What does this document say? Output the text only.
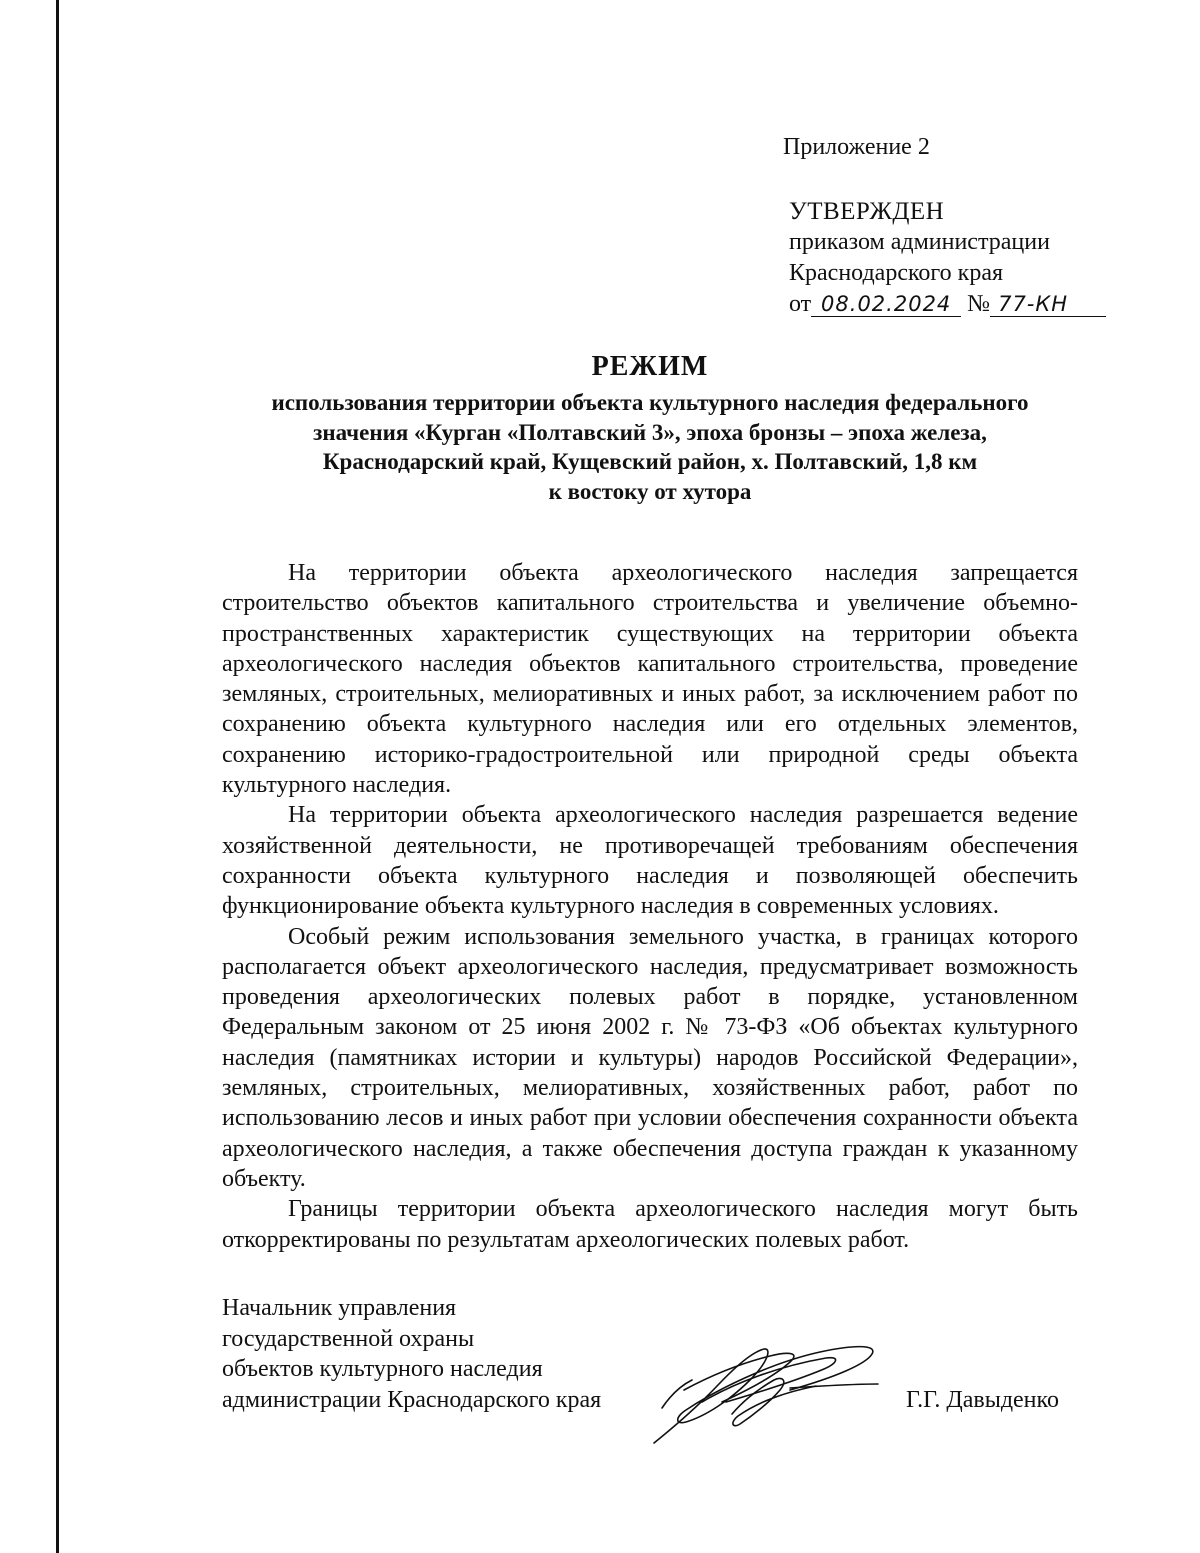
Приложение 2
УТВЕРЖДЕН
приказом администрации
Краснодарского края
от 08.02.2024 № 77-КН
РЕЖИМ
использования территории объекта культурного наследия федерального
значения «Курган «Полтавский 3», эпоха бронзы – эпоха железа,
Краснодарский край, Кущевский район, х. Полтавский, 1,8 км
к востоку от хутора

На территории объекта археологического наследия запрещается строительство объектов капитального строительства и увеличение объемно-пространственных характеристик существующих на территории объекта археологического наследия объектов капитального строительства, проведение земляных, строительных, мелиоративных и иных работ, за исключением работ по сохранению объекта культурного наследия или его отдельных элементов, сохранению историко-градостроительной или природной среды объекта культурного наследия.

На территории объекта археологического наследия разрешается ведение хозяйственной деятельности, не противоречащей требованиям обеспечения сохранности объекта культурного наследия и позволяющей обеспечить функционирование объекта культурного наследия в современных условиях.

Особый режим использования земельного участка, в границах которого располагается объект археологического наследия, предусматривает возможность проведения археологических полевых работ в порядке, установленном Федеральным законом от 25 июня 2002 г. № 73-ФЗ «Об объектах культурного наследия (памятниках истории и культуры) народов Российской Федерации», земляных, строительных, мелиоративных, хозяйственных работ, работ по использованию лесов и иных работ при условии обеспечения сохранности объекта археологического наследия, а также обеспечения доступа граждан к указанному объекту.

Границы территории объекта археологического наследия могут быть откорректированы по результатам археологических полевых работ.

Начальник управления
государственной охраны
объектов культурного наследия
администрации Краснодарского края	Г.Г. Давыденко
